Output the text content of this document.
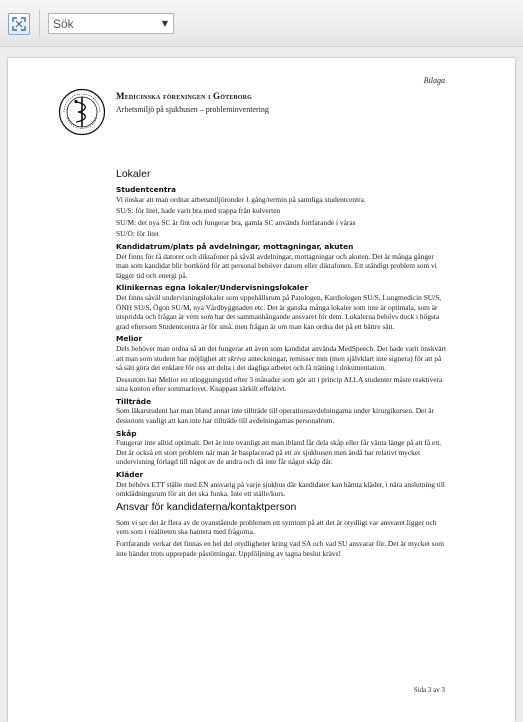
Sök
▼
Bilaga
Medicinska föreningen i Göteborg
Arbetsmiljö på sjukhusen – probleminventering
Lokaler
Studentcentra

Vi önskar att man ordnar arbetsmiljöronder 1 gång/termin på samtliga studentcentra.

SU/S: för litet, hade varit bra med trappa från kulverten

SU/M: det nya SC är fint och fungerar bra, gamla SC används fortfarande i våras

SU/Ö: för litet

Kandidatrum/plats på avdelningar, mottagningar, akuten

Det finns för få datorer och diktafoner på såväl avdelningar, mottagningar och akuten. Det är många gånger man som kandidat blir bortkörd för att personal behöver datorn eller diktafonen. Ett ständigt problem som vi lägger tid och energi på.

Klinikernas egna lokaler/Undervisningslokaler

Det finns såväl undervisningslokaler som uppehållsrum på Patologen, Kardiologen SU/S, Lungmedicin SU/S, ÖNH SU/S, Ögon SU/M, nya Vårdbyggnaden etc. Det är ganska många lokaler som inte är optimala, som är utspridda och frågan är vem som har det sammanhängande ansvaret för dem. Lokalerna behövs dock i högsta grad eftersom Studentcentra är för små, men frågan är om man kan ordna det på ett bättre sätt.

Melior

Dels behöver man ordna så att det fungerar att även som kandidat använda MedSpeech. Det hade varit önskvärt att man som student har möjlighet att skriva anteckningar, remisser mm (men självklart inte signera) för att på så sätt göra det enklare för oss att delta i det dagliga arbetet och få träning i dokumentation.

Dessutom har Melior en utloggningstid efter 3 månader som gör att i princip ALLA studenter måste reaktivera sina konton efter sommarlovet. Knappast särkilt effektivt.

Tillträde

Som läkarstudent har man bland annat inte tillträde till operationsavdelningarna under kirurgikursen. Det är dessutom vanligt att kan inte har tillträde till avdelningarnas personalrum.

Skåp

Fungerar inte alltid optimalt. Det är inte ovanligt att man ibland får dela skåp eller får vänta länge på att få ett. Det är också ett stort problem när man är basplacerad på ett av sjukhusen men ändå har relativt mycket undervisning förlagd till något av de andra och då inte får något skåp där.

Kläder

Det behövs ETT ställe med EN ansvarig på varje sjukhus där kandidater kan hämta kläder, i nära anslutning till omklädningsrum för att det ska funka. Inte ett ställe/kurs.

Ansvar för kandidaterna/kontaktperson

Som vi ser det är flera av de ovanstående problemen ett symtom på att det är otydligt var ansvaret ligger och vem som i realiteten ska hantera med frågorna.

Fortfarande verkar det finnas en hel del otydligheter kring vad SA och vad SU ansvarar för. Det är mycket som inte händer trots upprepade påstötningar. Uppföljning av tagna beslut krävs!

Sida 3 av 3
